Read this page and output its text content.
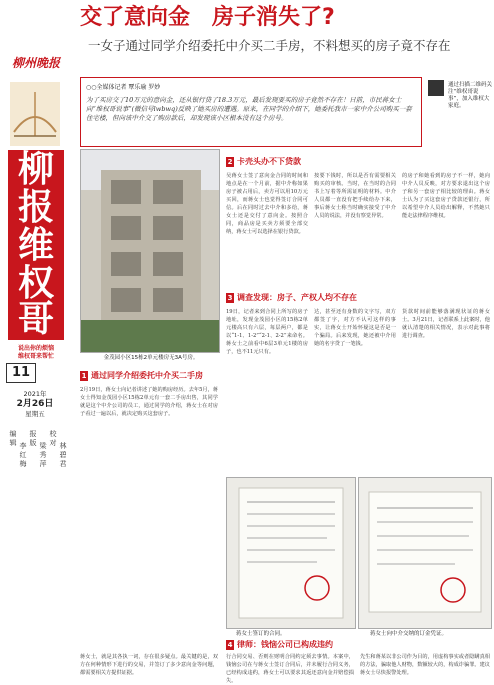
柳州晚报
柳
报
维
权
哥
说出你的烦恼
维权哥来帮忙
11
2021年
2月26日
星期五
编辑 李红梅
报版 梁秀萍
校对 林碧君
交了意向金　房子消失了?
一女子通过同学介绍委托中介买二手房，不料想买的房子竟不存在
○○全媒体记者 覃乐瑜 罗妙
为了买房交了10万元的意向金，还从银行贷了18.3万元，最后发现要买的房子竟然不存在！日前，市民蒋女士向“维权哥说事”(微信号lwbwq)反映了她买房的遭遇。原来，在同学的介绍下，她委托我市一家中介公司购买一套住宅楼，但向该中介交了购房款后，却发现该小区根本没有这个房号。
通过扫描二维码关注“维权哥说事”，加入维权大家庭。
金茂园小区15栋2单元楼房无3A号房。
2 卡壳头办不下贷款
吴蒋女士签了意向金合同的时间和地点是在一个月前，据中介称如果房子被占用后，卖方可以用10万元买回，而蒋女士也觉得签订合同可信。后在同时过去中介和多给，蒋女士还是交付了意向金。按照合同，商品房是买卖方须要全部交纳，蒋女士可以选择在银行贷款。
按要下钱时，所以是否有需要相关购买的审核。当时，在当时的合同书上写着等所需证明的材料。中介人员都一直没有把手续给办下来，事后蒋女士称当时确实接受了中介人员的说法，并没有察觉异常。
的房子和她看到的房子不一样，她向中介人员反映，对方要求退出这个房子和另一套房子相比较的理由。蒋女士认为了买这套房子贷款还银行，所以希望中介人员给出解释，不然她只能走法律程序维权。
3 调查发现：房子、产权人均不存在
19日，记者来到合同上所写的房子地址，发现金茂园小区的15栋2单元楼高只有六层，每层两户，都是以“1-1、1-2”“2-1、2-2”来命名。蒋女士之前看中6层3单元1楼的房子，也不11元只有。
达，甚至还有身数的文字写，双方都签了字，对方不认可这样的事实，让蒋女士开始怀疑这是否是一个骗局。后来发现，她还被中介用她的名字贷了一笔钱。
货款时间前能够落满现状证的蒋女士。3月21日，记者联系上此案时，他就认清楚的相关情况，表示对此事将进行调查。
1 通过同学介绍委托中介买二手房
2月19日，蒋女士向记者讲述了她的购房经历。去年5月，蒋女士得知金茂园小区15栋2单元有一套二手房出售，其同学就是这个中介公司的员工，通过同学的介绍，蒋女士在对房子看过一遍以后，就决定购买这套房子。
蒋女士签订的合同。	蒋女士向中介交纳的订金凭证。
4 律师：钱恼公司已构成违约
蒋女士，就是其各执一词，存在很多疑点。最关键的是，双方在何种情形下进行的交易，并签订了多少意向金等问题，都需要相关方提供证据。
行合同交易、否则在财明合同约定须去事情。本案中，钱恼公司在与蒋女士签订合同后，并未履行合同义务，已经构成违约，蒋女士可以要求其返还意向金并赔偿损失。
先生和蒋某以非公司作为目的，用虚构事实或者隐瞒真相的方法，骗取他人财物，数额较大的，构成诈骗罪。建议蒋女士尽快报警处理。
